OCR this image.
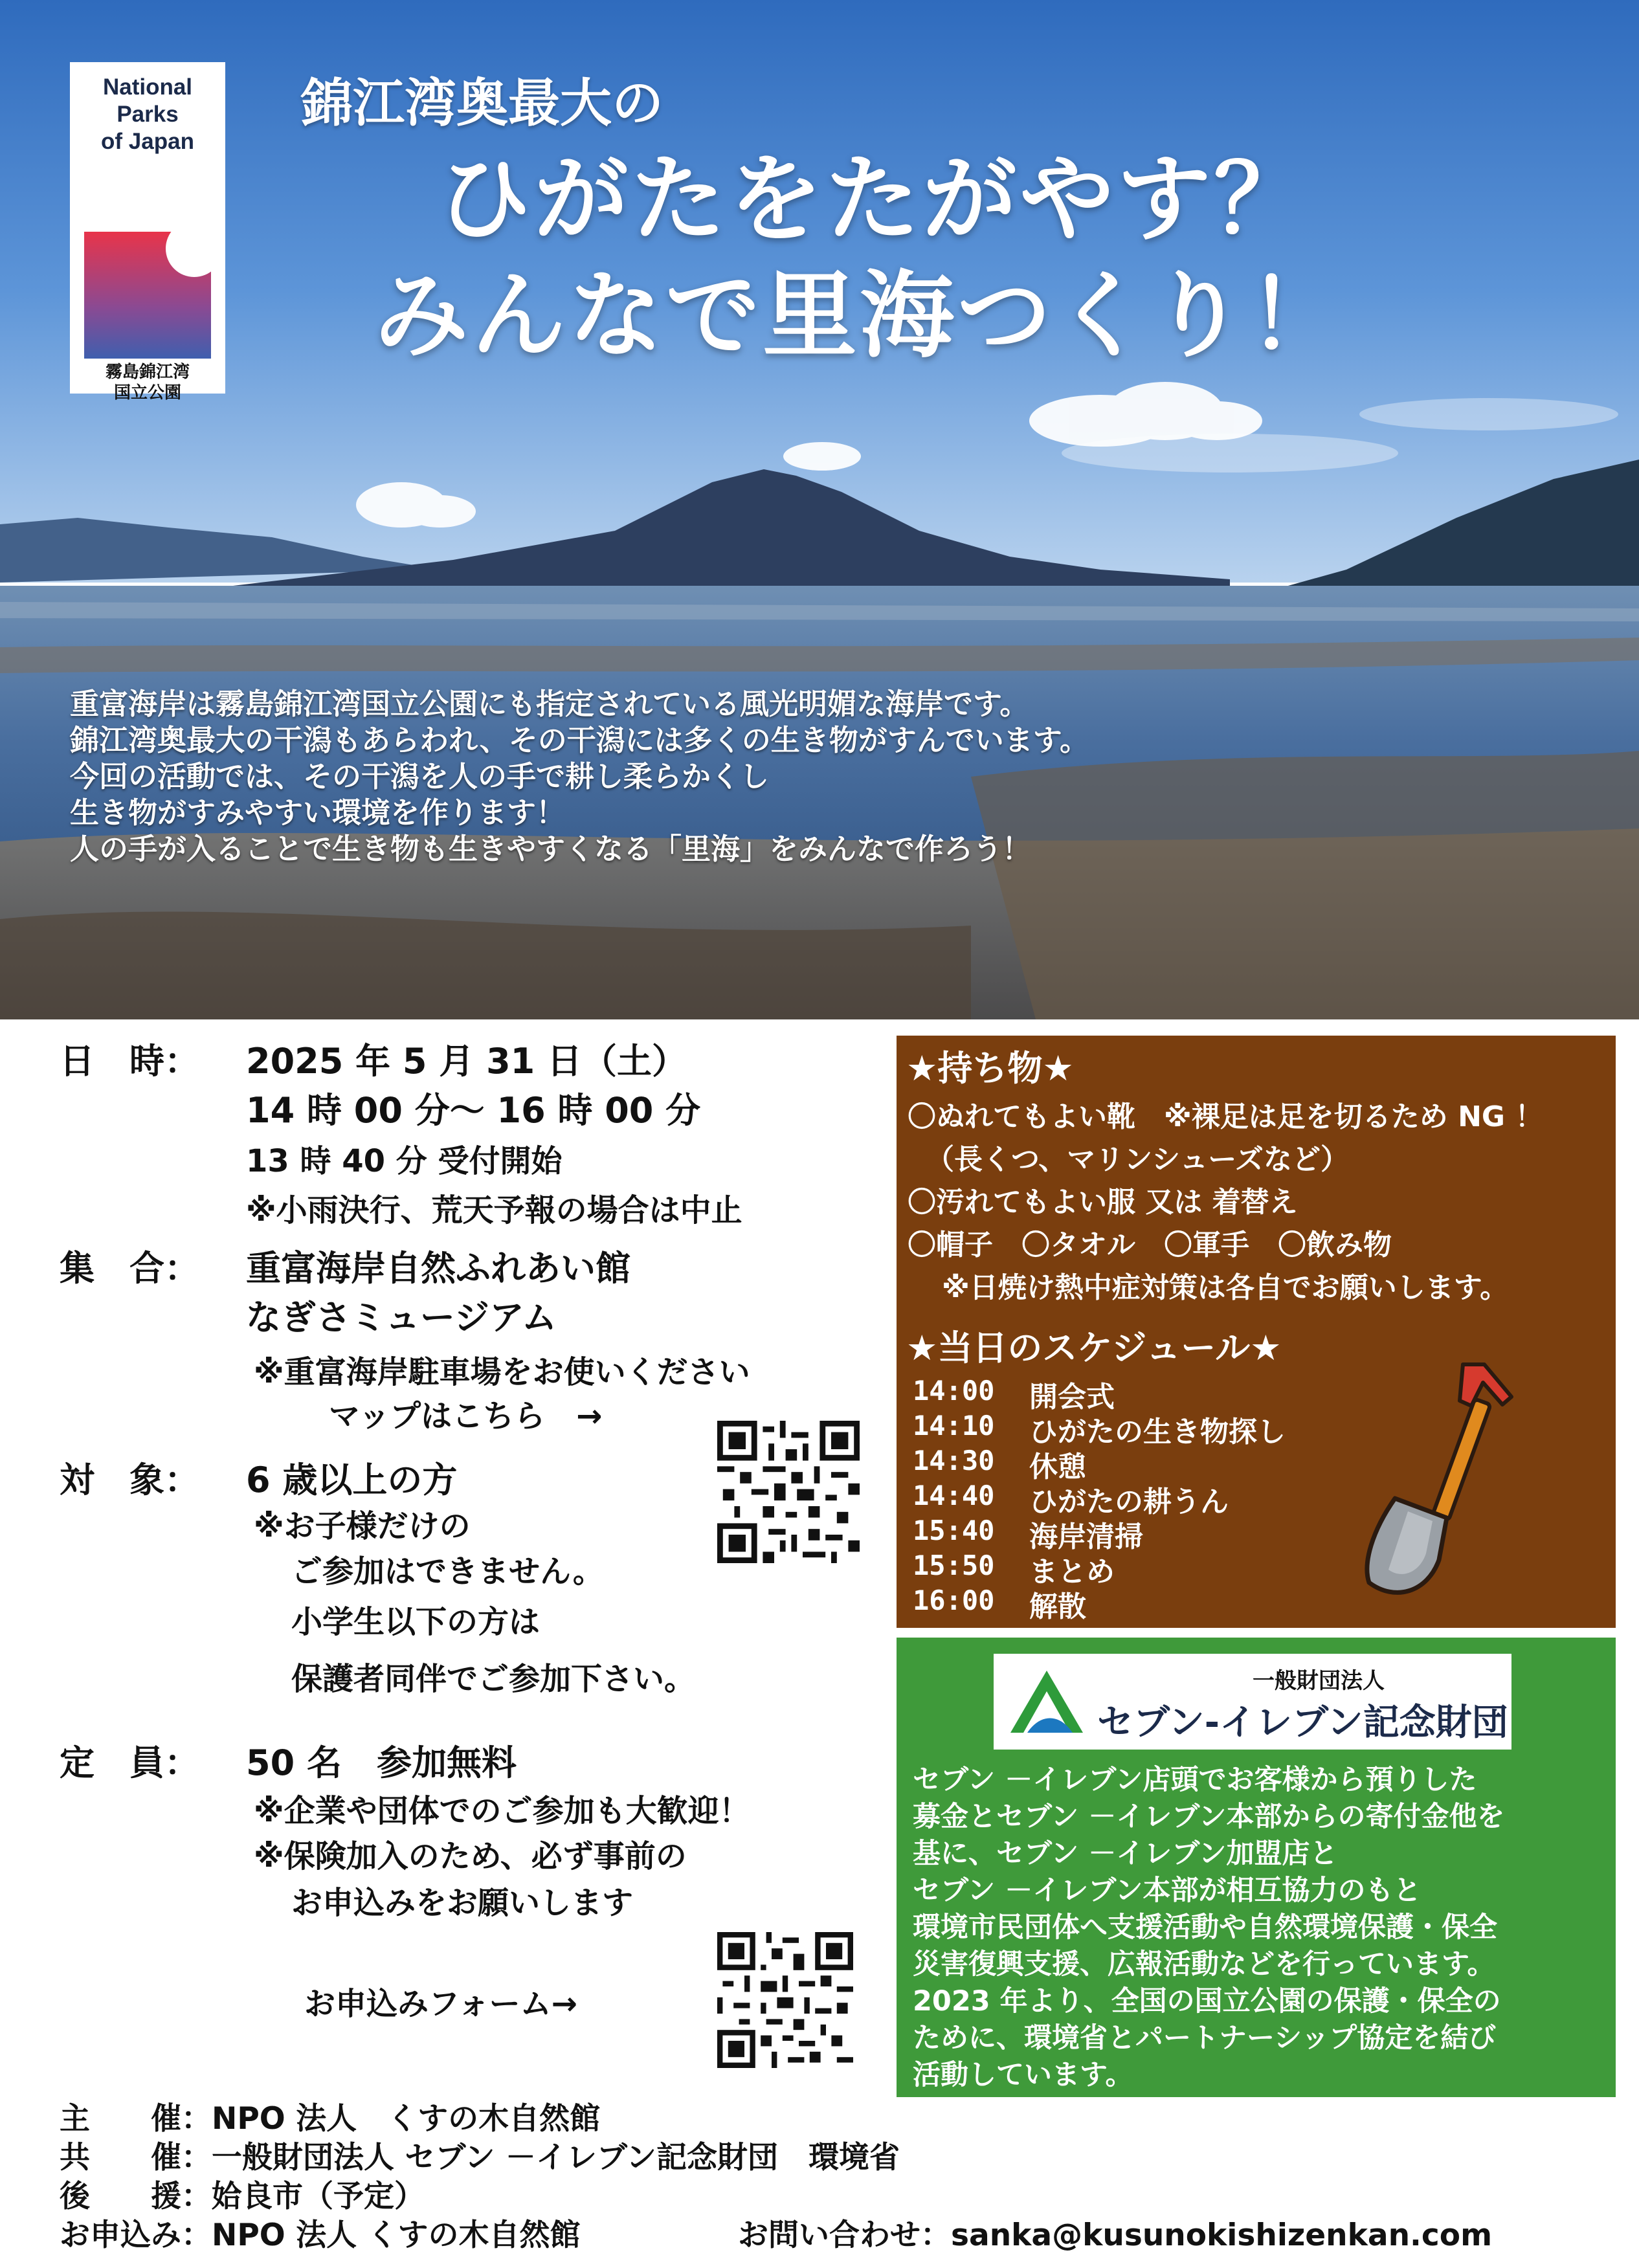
National
Parks
of Japan
霧島錦江湾
国立公園
錦江湾奥最大の
ひがたをたがやす？
みんなで里海つくり！
重富海岸は霧島錦江湾国立公園にも指定されている風光明媚な海岸です。
錦江湾奥最大の干潟もあらわれ、その干潟には多くの生き物がすんでいます。
今回の活動では、その干潟を人の手で耕し柔らかくし
生き物がすみやすい環境を作ります！
人の手が入ることで生き物も生きやすくなる「里海」をみんなで作ろう！
日　時： 2025 年 5 月 31 日（土）
14 時 00 分～ 16 時 00 分
13 時 40 分 受付開始
※小雨決行、荒天予報の場合は中止
集　合： 重富海岸自然ふれあい館
なぎさミュージアム
※重富海岸駐車場をお使いください
マップはこちら　→
対　象： 6 歳以上の方
※お子様だけの
ご参加はできません。
小学生以下の方は
保護者同伴でご参加下さい。
定　員： 50 名　参加無料
※企業や団体でのご参加も大歓迎！
※保険加入のため、必ず事前の
お申込みをお願いします
お申込みフォーム→
★持ち物★
〇ぬれてもよい靴　※裸足は足を切るため NG ！
（長くつ、マリンシューズなど）
〇汚れてもよい服 又は 着替え
〇帽子　〇タオル　〇軍手　〇飲み物
※日焼け熱中症対策は各自でお願いします。
★当日のスケジュール★
14:00 開会式
14:10 ひがたの生き物探し
14:30 休憩
14:40 ひがたの耕うん
15:40 海岸清掃
15:50 まとめ
16:00 解散
一般財団法人
セブン-イレブン記念財団
セブン －イレブン店頭でお客様から預りした
募金とセブン －イレブン本部からの寄付金他を
基に、セブン －イレブン加盟店と
セブン －イレブン本部が相互協力のもと
環境市民団体へ支援活動や自然環境保護・保全
災害復興支援、広報活動などを行っています。
2023 年より、全国の国立公園の保護・保全の
ために、環境省とパートナーシップ協定を結び
活動しています。
主　　催：NPO 法人　くすの木自然館
共　　催：一般財団法人 セブン －イレブン記念財団　環境省
後　　援：姶良市（予定）
お申込み：NPO 法人 くすの木自然館	お問い合わせ：sanka@kusunokishizenkan.com
